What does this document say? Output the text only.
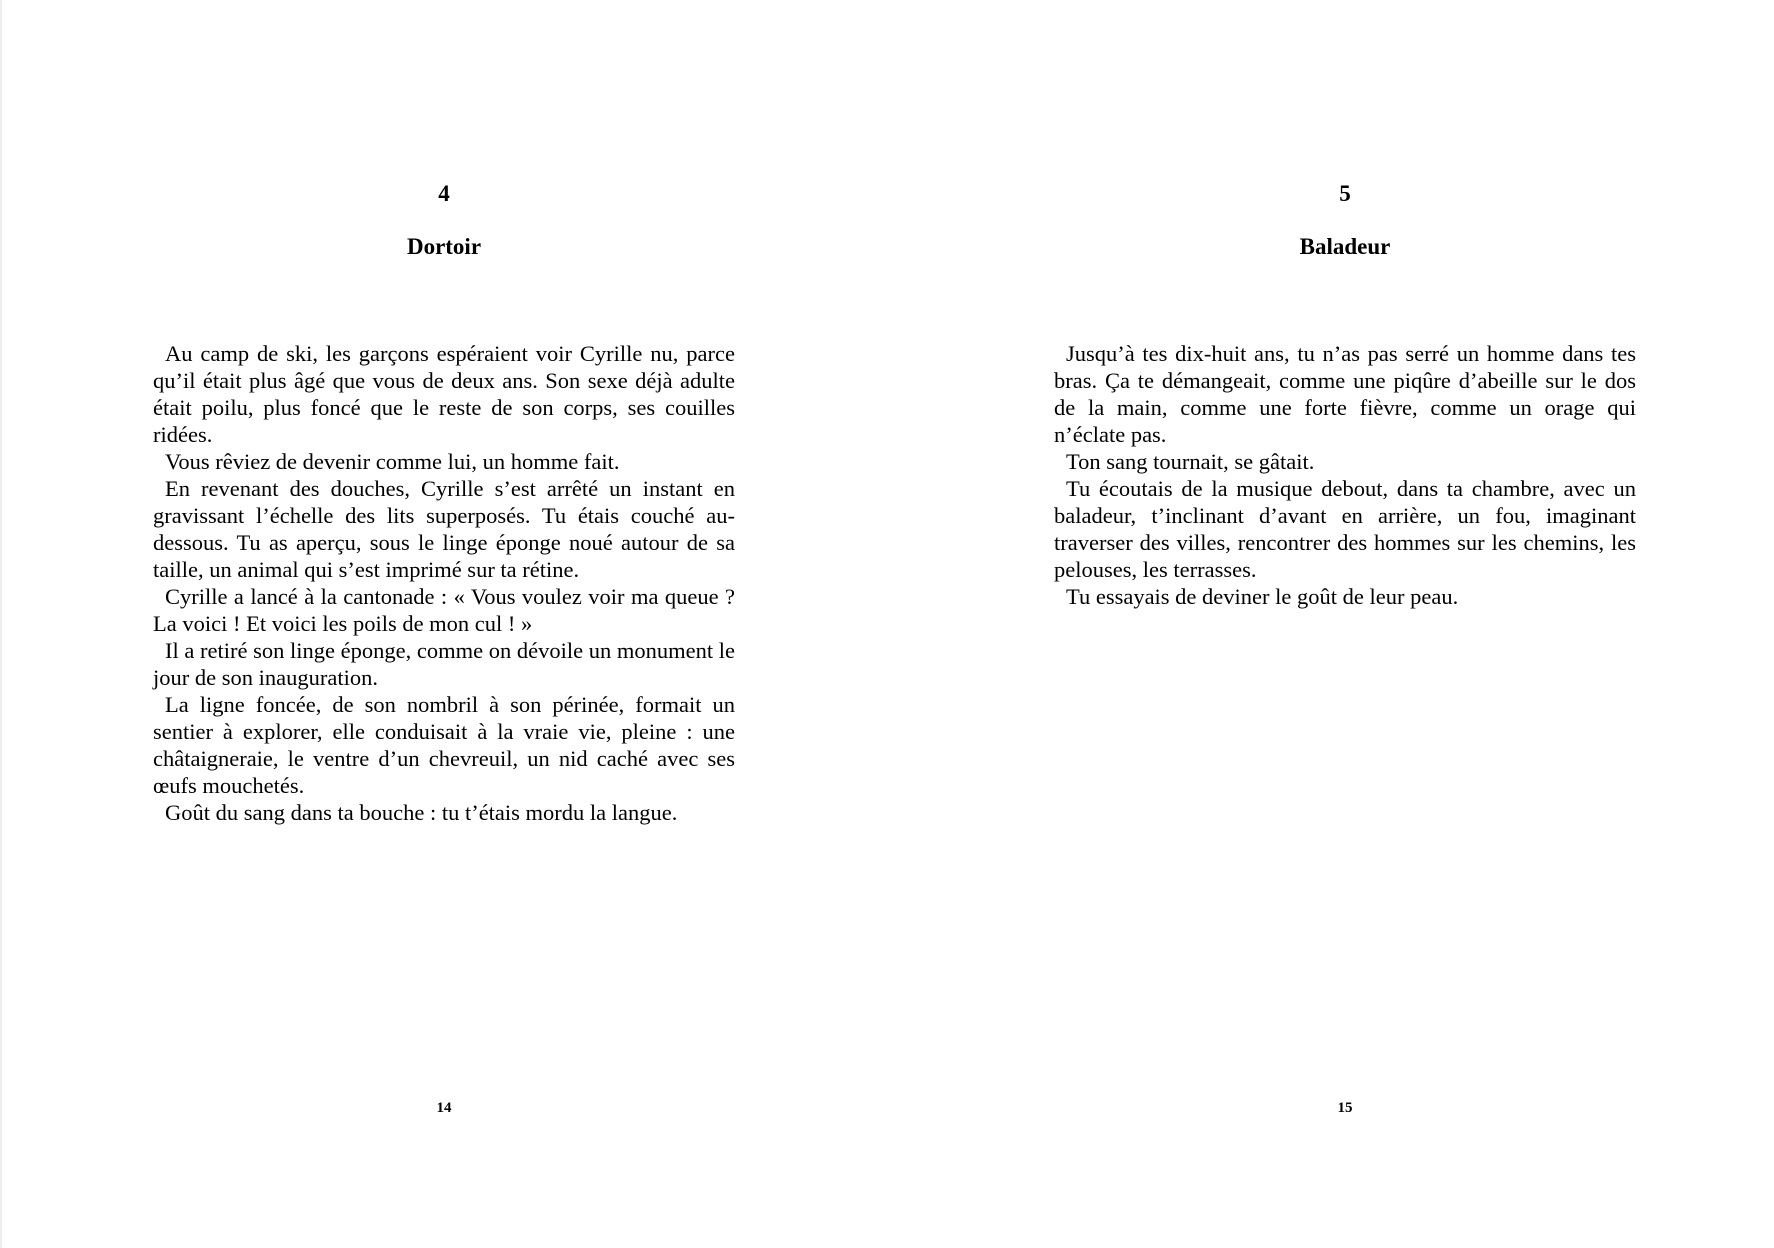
4
Dortoir

Au camp de ski, les garçons espéraient voir Cyrille nu, parce qu’il était plus âgé que vous de deux ans. Son sexe déjà adulte était poilu, plus foncé que le reste de son corps, ses couilles ridées.

Vous rêviez de devenir comme lui, un homme fait.

En revenant des douches, Cyrille s’est arrêté un instant en gravissant l’échelle des lits superposés. Tu étais couché au-dessous. Tu as aperçu, sous le linge éponge noué autour de sa taille, un animal qui s’est imprimé sur ta rétine.

Cyrille a lancé à la cantonade : « Vous voulez voir ma queue ? La voici ! Et voici les poils de mon cul ! »

Il a retiré son linge éponge, comme on dévoile un monument le jour de son inauguration.

La ligne foncée, de son nombril à son périnée, formait un sentier à explorer, elle conduisait à la vraie vie, pleine : une châtaigneraie, le ventre d’un chevreuil, un nid caché avec ses œufs mouchetés.

Goût du sang dans ta bouche : tu t’étais mordu la langue.

14
5
Baladeur

Jusqu’à tes dix-huit ans, tu n’as pas serré un homme dans tes bras. Ça te démangeait, comme une piqûre d’abeille sur le dos de la main, comme une forte fièvre, comme un orage qui n’éclate pas.

Ton sang tournait, se gâtait.

Tu écoutais de la musique debout, dans ta chambre, avec un baladeur, t’inclinant d’avant en arrière, un fou, imaginant traverser des villes, rencontrer des hommes sur les chemins, les pelouses, les terrasses.

Tu essayais de deviner le goût de leur peau.

15
